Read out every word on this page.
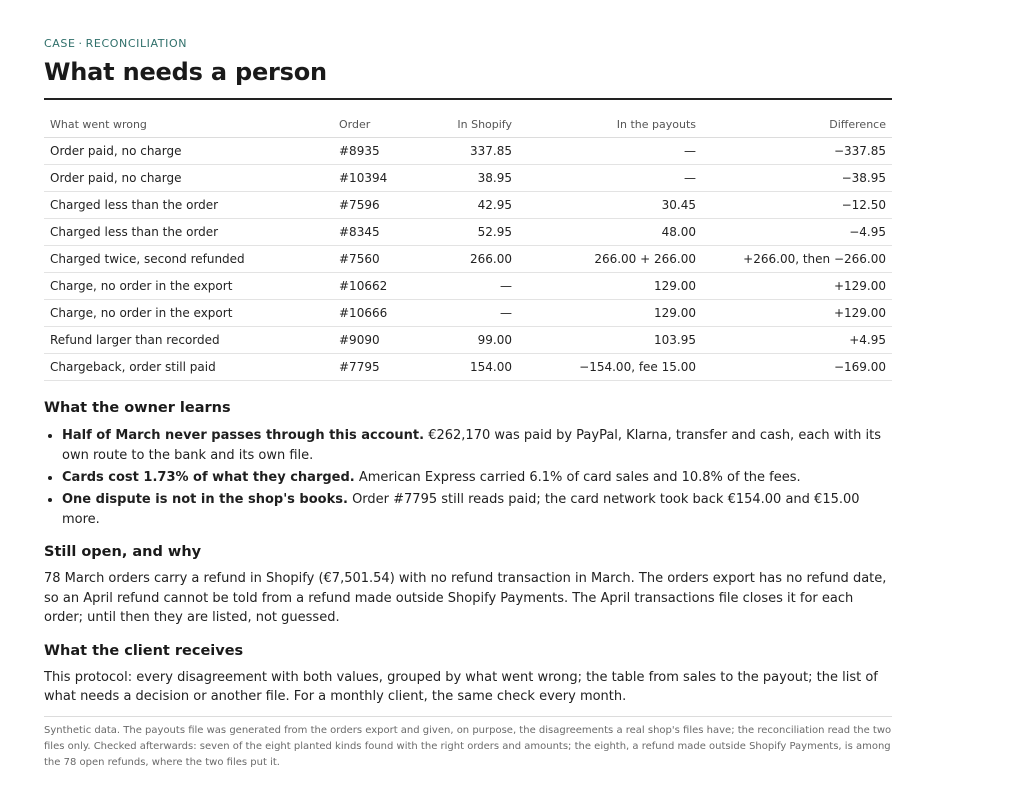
CASE · RECONCILIATION
What needs a person
What went wrong	Order	In Shopify	In the payouts	Difference
Order paid, no charge	#8935	337.85	—	−337.85
Order paid, no charge	#10394	38.95	—	−38.95
Charged less than the order	#7596	42.95	30.45	−12.50
Charged less than the order	#8345	52.95	48.00	−4.95
Charged twice, second refunded	#7560	266.00	266.00 + 266.00	+266.00, then −266.00
Charge, no order in the export	#10662	—	129.00	+129.00
Charge, no order in the export	#10666	—	129.00	+129.00
Refund larger than recorded	#9090	99.00	103.95	+4.95
Chargeback, order still paid	#7795	154.00	−154.00, fee 15.00	−169.00
What the owner learns
• Half of March never passes through this account. €262,170 was paid by PayPal, Klarna, transfer and cash, each with its own route to the bank and its own file.
• Cards cost 1.73% of what they charged. American Express carried 6.1% of card sales and 10.8% of the fees.
• One dispute is not in the shop's books. Order #7795 still reads paid; the card network took back €154.00 and €15.00 more.
Still open, and why

78 March orders carry a refund in Shopify (€7,501.54) with no refund transaction in March. The orders export has no refund date, so an April refund cannot be told from a refund made outside Shopify Payments. The April transactions file closes it for each order; until then they are listed, not guessed.

What the client receives

This protocol: every disagreement with both values, grouped by what went wrong; the table from sales to the payout; the list of what needs a decision or another file. For a monthly client, the same check every month.

Synthetic data. The payouts file was generated from the orders export and given, on purpose, the disagreements a real shop's files have; the reconciliation read the two files only. Checked afterwards: seven of the eight planted kinds found with the right orders and amounts; the eighth, a refund made outside Shopify Payments, is among the 78 open refunds, where the two files put it.
